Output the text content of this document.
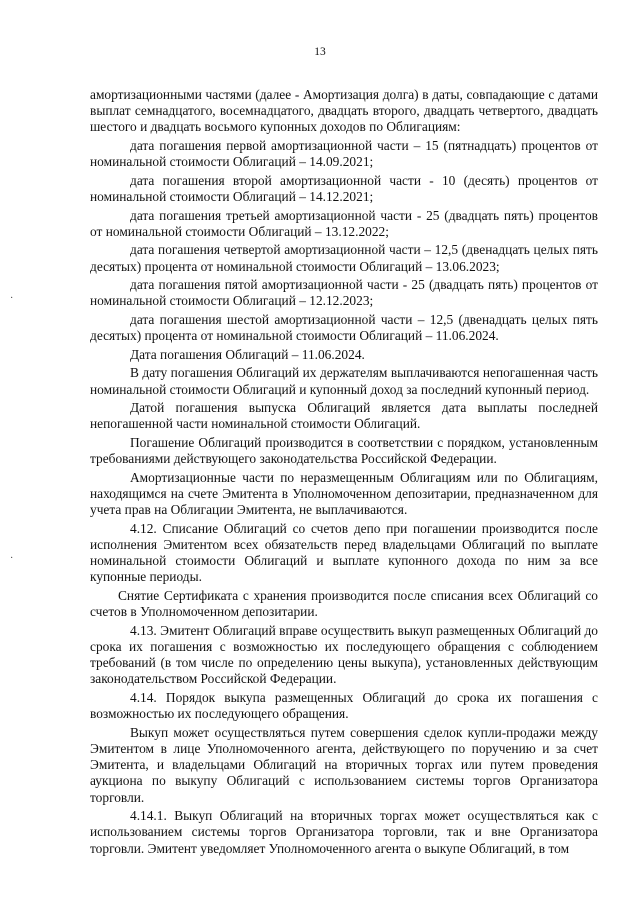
13
·
·

амортизационными частями (далее - Амортизация долга) в даты, совпадающие с датами выплат семнадцатого, восемнадцатого, двадцать второго, двадцать четвертого, двадцать шестого и двадцать восьмого купонных доходов по Облигациям:

дата погашения первой амортизационной части – 15 (пятнадцать) процентов от номинальной стоимости Облигаций – 14.09.2021;

дата погашения второй амортизационной части - 10 (десять) процентов от номинальной стоимости Облигаций – 14.12.2021;

дата погашения третьей амортизационной части - 25 (двадцать пять) процентов от номинальной стоимости Облигаций – 13.12.2022;

дата погашения четвертой амортизационной части – 12,5 (двенадцать целых пять десятых) процента от номинальной стоимости Облигаций – 13.06.2023;

дата погашения пятой амортизационной части - 25 (двадцать пять) процентов от номинальной стоимости Облигаций – 12.12.2023;

дата погашения шестой амортизационной части – 12,5 (двенадцать целых пять десятых) процента от номинальной стоимости Облигаций – 11.06.2024.

Дата погашения Облигаций – 11.06.2024.

В дату погашения Облигаций их держателям выплачиваются непогашенная часть номинальной стоимости Облигаций и купонный доход за последний купонный период.

Датой погашения выпуска Облигаций является дата выплаты последней непогашенной части номинальной стоимости Облигаций.

Погашение Облигаций производится в соответствии с порядком, установленным требованиями действующего законодательства Российской Федерации.

Амортизационные части по неразмещенным Облигациям или по Облигациям, находящимся на счете Эмитента в Уполномоченном депозитарии, предназначенном для учета прав на Облигации Эмитента, не выплачиваются.

4.12. Списание Облигаций со счетов депо при погашении производится после исполнения Эмитентом всех обязательств перед владельцами Облигаций по выплате номинальной стоимости Облигаций и выплате купонного дохода по ним за все купонные периоды.

Снятие Сертификата с хранения производится после списания всех Облигаций со счетов в Уполномоченном депозитарии.

4.13. Эмитент Облигаций вправе осуществить выкуп размещенных Облигаций до срока их погашения с возможностью их последующего обращения с соблюдением требований (в том числе по определению цены выкупа), установленных действующим законодательством Российской Федерации.

4.14. Порядок выкупа размещенных Облигаций до срока их погашения с возможностью их последующего обращения.

Выкуп может осуществляться путем совершения сделок купли-продажи между Эмитентом в лице Уполномоченного агента, действующего по поручению и за счет Эмитента, и владельцами Облигаций на вторичных торгах или путем проведения аукциона по выкупу Облигаций с использованием системы торгов Организатора торговли.

4.14.1. Выкуп Облигаций на вторичных торгах может осуществляться как с использованием системы торгов Организатора торговли, так и вне Организатора торговли. Эмитент уведомляет Уполномоченного агента о выкупе Облигаций, в том
